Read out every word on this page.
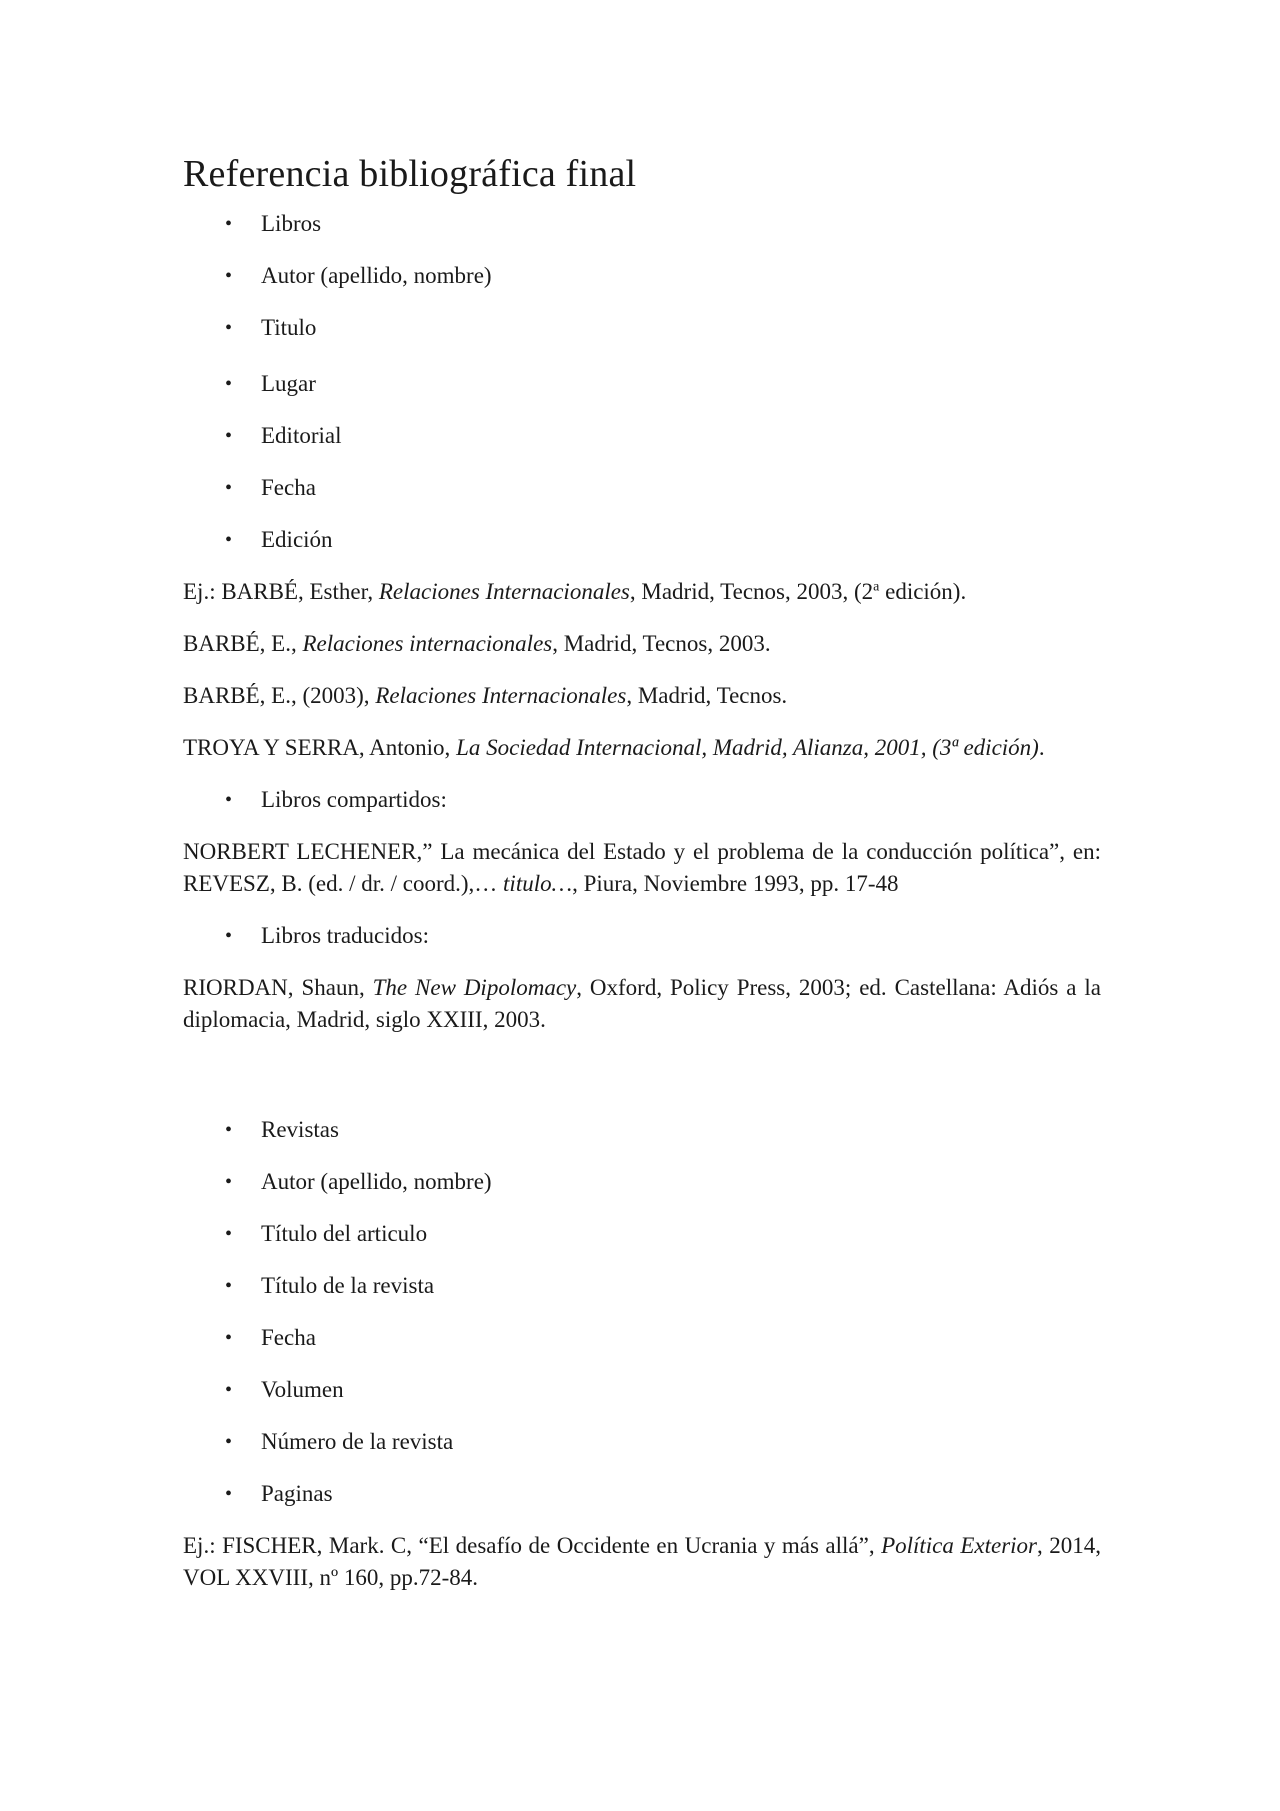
Referencia bibliográfica final
• Libros
• Autor (apellido, nombre)
• Titulo
• Lugar
• Editorial
• Fecha
• Edición
Ej.: BARBÉ, Esther, Relaciones Internacionales, Madrid, Tecnos, 2003, (2$^a$ edición).
BARBÉ, E., Relaciones internacionales, Madrid, Tecnos, 2003.
BARBÉ, E., (2003), Relaciones Internacionales, Madrid, Tecnos.
TROYA Y SERRA, Antonio, La Sociedad Internacional, Madrid, Alianza, 2001, (3ª edición).
• Libros compartidos:
NORBERT LECHENER,” La mecánica del Estado y el problema de la conducción política”, en: REVESZ, B. (ed. / dr. / coord.),… titulo…, Piura, Noviembre 1993, pp. 17-48
• Libros traducidos:
RIORDAN, Shaun, The New Dipolomacy, Oxford, Policy Press, 2003; ed. Castellana: Adiós a la diplomacia, Madrid, siglo XXIII, 2003.
• Revistas
• Autor (apellido, nombre)
• Título del articulo
• Título de la revista
• Fecha
• Volumen
• Número de la revista
• Paginas
Ej.: FISCHER, Mark. C, “El desafío de Occidente en Ucrania y más allá”, Política Exterior, 2014, VOL XXVIII, nº 160, pp.72-84.
